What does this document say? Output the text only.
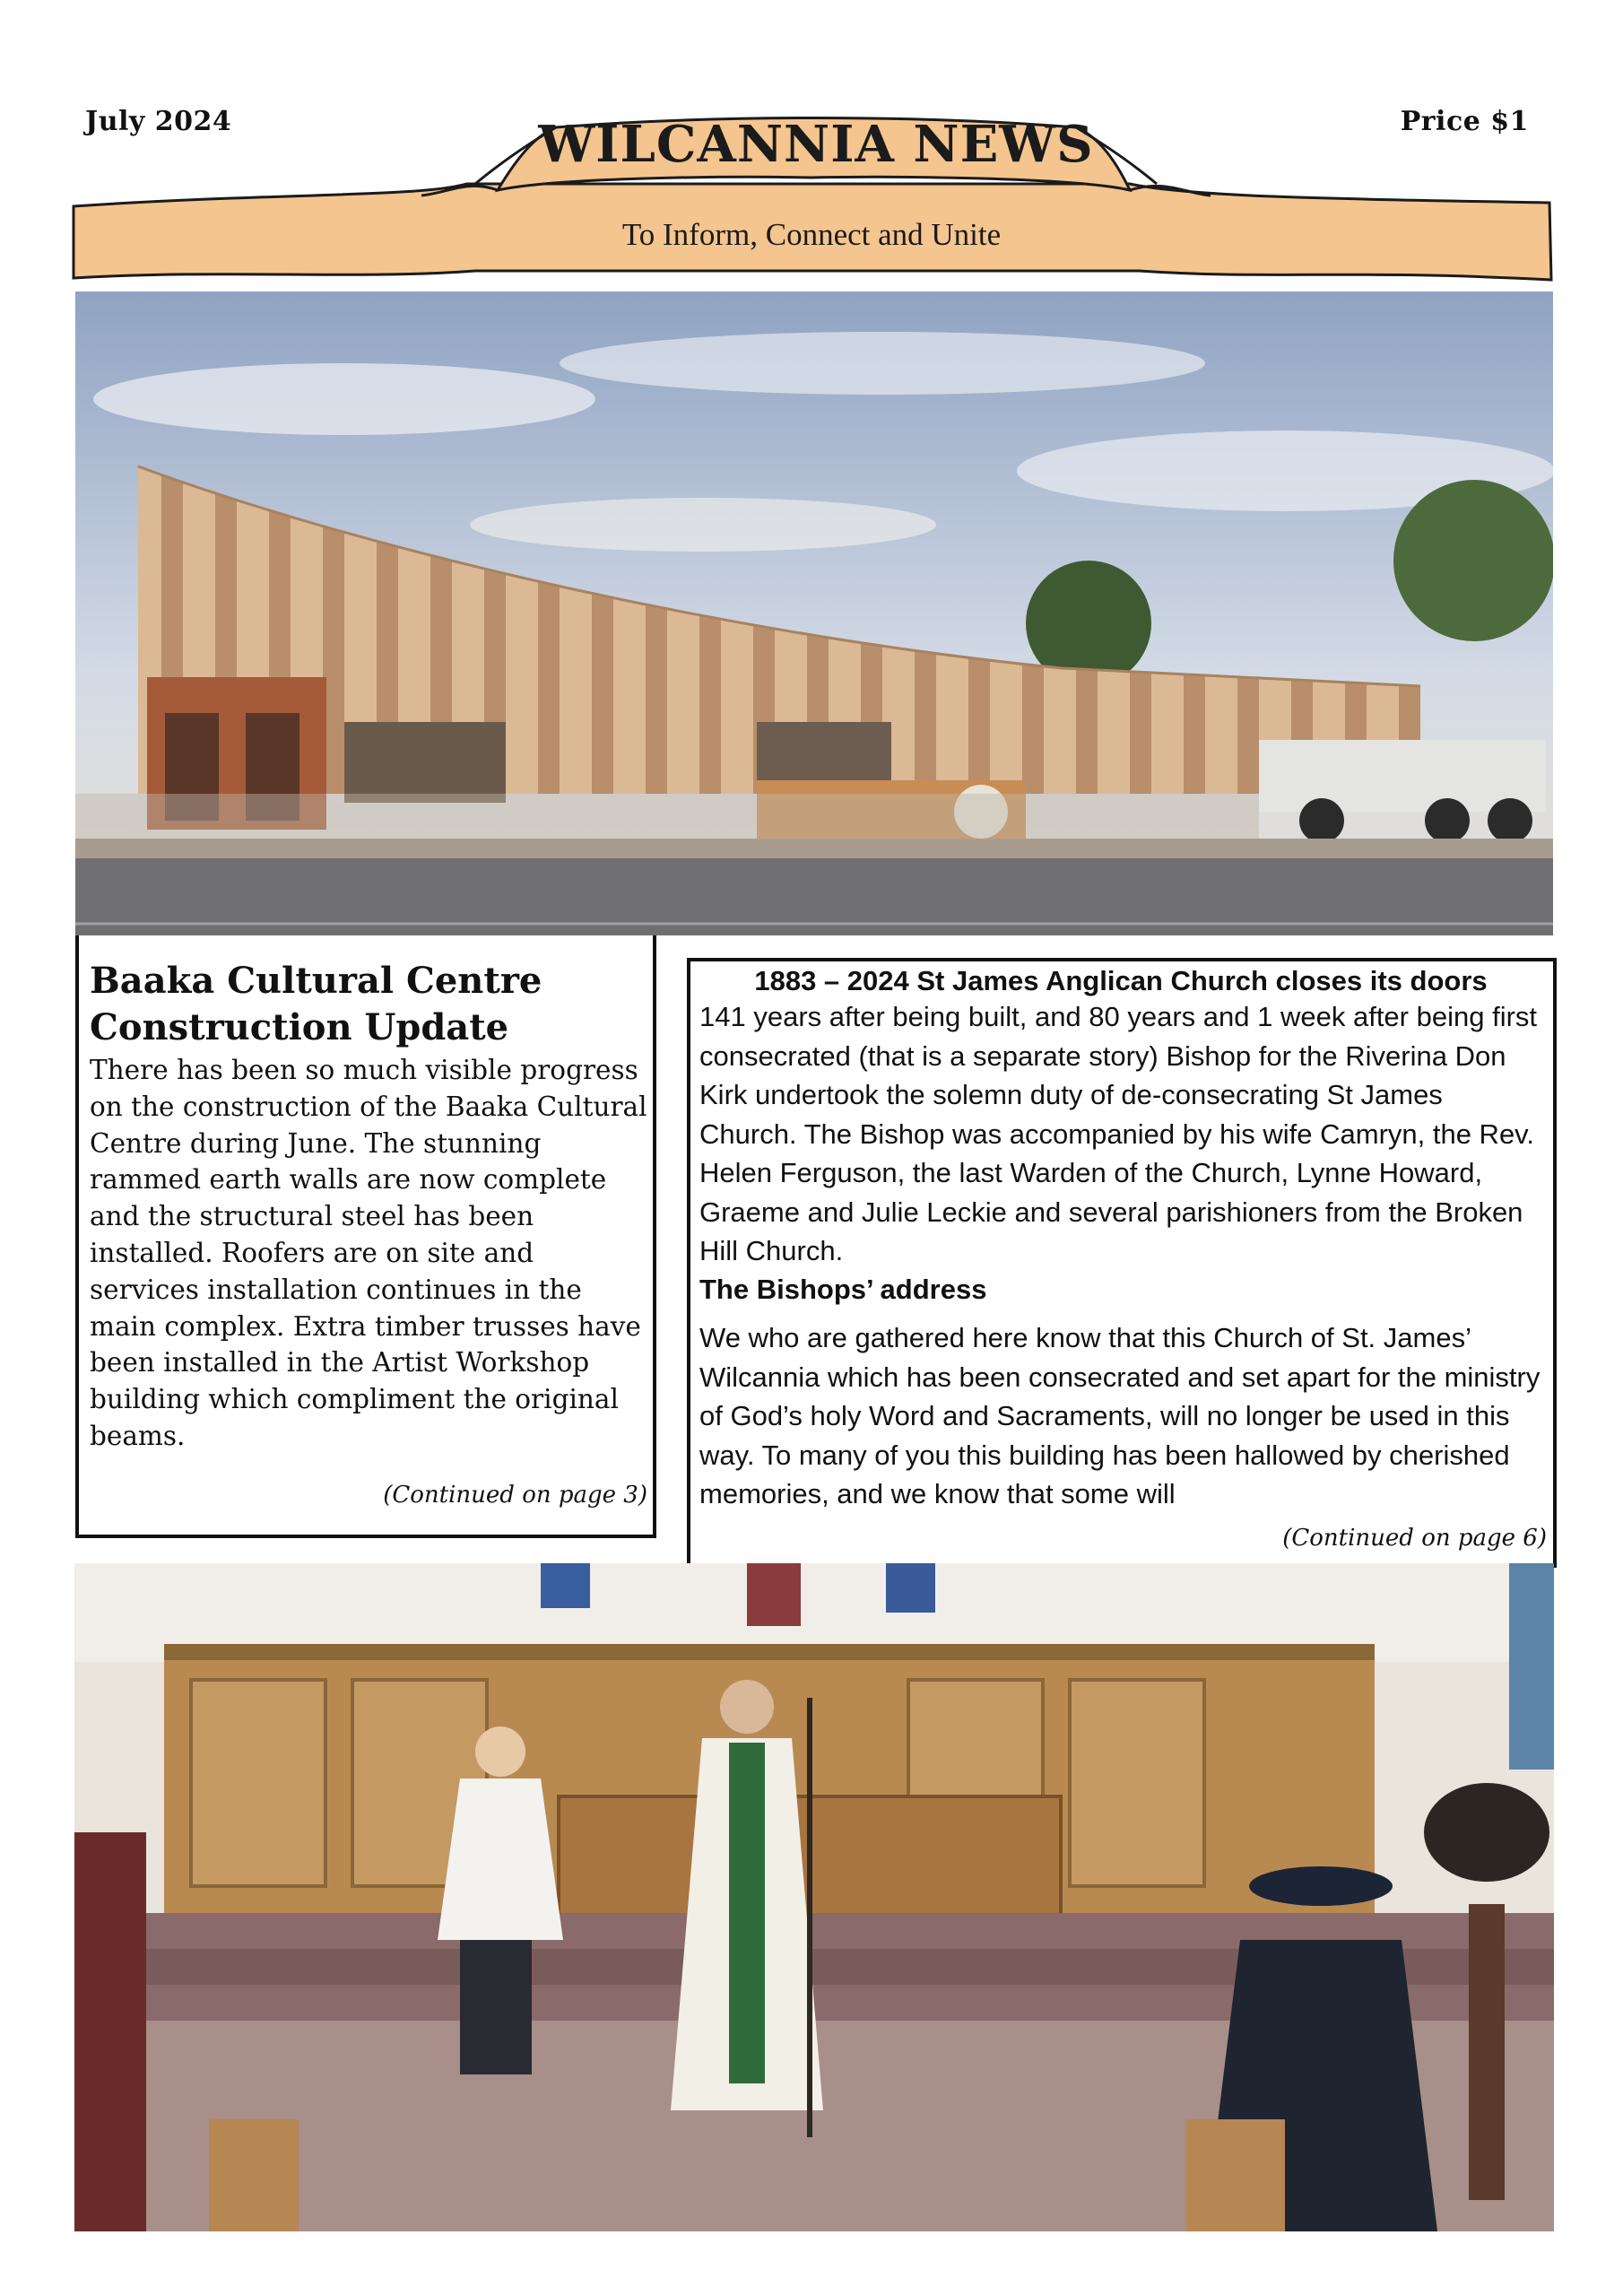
July 2024	Price $1
WILCANNIA NEWS
To Inform, Connect and Unite
Baaka Cultural Centre
Construction Update
There has been so much visible progress on the construction of the Baaka Cultural Centre during June. The stunning rammed earth walls are now complete and the structural steel has been installed. Roofers are on site and services installation continues in the main complex. Extra timber trusses have been installed in the Artist Workshop building which compliment the original beams.
(Continued on page 3)
1883 – 2024 St James Anglican Church closes its doors
141 years after being built, and 80 years and 1 week after being first consecrated (that is a separate story) Bishop for the Riverina Don Kirk undertook the solemn duty of de-consecrating St James Church. The Bishop was accompanied by his wife Camryn, the Rev. Helen Ferguson, the last Warden of the Church, Lynne Howard, Graeme and Julie Leckie and several parishioners from the Broken Hill Church.
The Bishops’ address
We who are gathered here know that this Church of St. James’ Wilcannia which has been consecrated and set apart for the ministry of God’s holy Word and Sacraments, will no longer be used in this way. To many of you this building has been hallowed by cherished memories, and we know that some will
(Continued on page 6)
